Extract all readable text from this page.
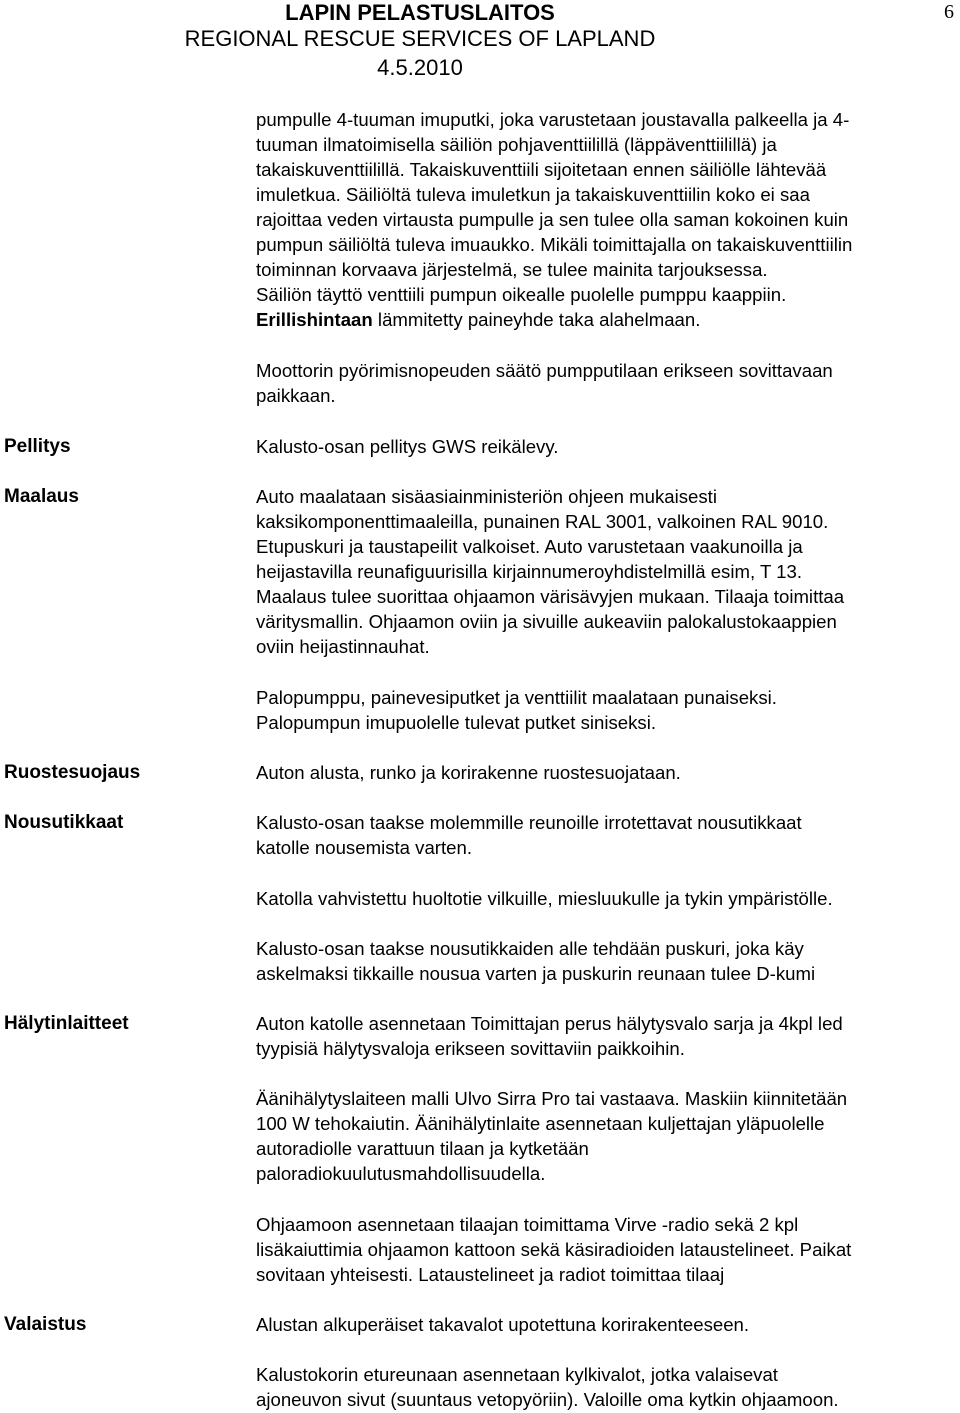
LAPIN PELASTUSLAITOS
REGIONAL RESCUE SERVICES OF LAPLAND
4.5.2010
6
pumpulle 4-tuuman imuputki, joka varustetaan joustavalla palkeella ja 4-
tuuman ilmatoimisella säiliön pohjaventtiilillä (läppäventtiilillä) ja
takaiskuventtiilillä. Takaiskuventtiili sijoitetaan ennen säiliölle lähtevää
imuletkua. Säiliöltä tuleva imuletkun ja takaiskuventtiilin koko ei saa
rajoittaa veden virtausta pumpulle ja sen tulee olla saman kokoinen kuin
pumpun säiliöltä tuleva imuaukko. Mikäli toimittajalla on takaiskuventtiilin
toiminnan korvaava järjestelmä, se tulee mainita tarjouksessa.
Säiliön täyttö venttiili pumpun oikealle puolelle pumppu kaappiin.
Erillishintaan lämmitetty paineyhde taka alahelmaan.
Moottorin pyörimisnopeuden säätö pumpputilaan erikseen sovittavaan
paikkaan.
Pellitys	Kalusto-osan pellitys GWS reikälevy.
Maalaus	Auto maalataan sisäasiainministeriön ohjeen mukaisesti
kaksikomponenttimaaleilla, punainen RAL 3001, valkoinen RAL 9010.
Etupuskuri ja taustapeilit valkoiset. Auto varustetaan vaakunoilla ja
heijastavilla reunafiguurisilla kirjainnumeroyhdistelmillä esim, T 13.
Maalaus tulee suorittaa ohjaamon värisävyjen mukaan. Tilaaja toimittaa
väritysmallin. Ohjaamon oviin ja sivuille aukeaviin palokalustokaappien
oviin heijastinnauhat.
Palopumppu, painevesiputket ja venttiilit maalataan punaiseksi.
Palopumpun imupuolelle tulevat putket siniseksi.
Ruostesuojaus	Auton alusta, runko ja korirakenne ruostesuojataan.
Nousutikkaat	Kalusto-osan taakse molemmille reunoille irrotettavat nousutikkaat
katolle nousemista varten.
Katolla vahvistettu huoltotie vilkuille, miesluukulle ja tykin ympäristölle.
Kalusto-osan taakse nousutikkaiden alle tehdään puskuri, joka käy
askelmaksi tikkaille nousua varten ja puskurin reunaan tulee D-kumi
Hälytinlaitteet	Auton katolle asennetaan Toimittajan perus hälytysvalo sarja ja 4kpl led
tyypisiä hälytysvaloja erikseen sovittaviin paikkoihin.
Äänihälytyslaiteen malli Ulvo Sirra Pro tai vastaava. Maskiin kiinnitetään
100 W tehokaiutin. Äänihälytinlaite asennetaan kuljettajan yläpuolelle
autoradiolle varattuun tilaan ja kytketään
paloradiokuulutusmahdollisuudella.
Ohjaamoon asennetaan tilaajan toimittama Virve -radio sekä 2 kpl
lisäkaiuttimia ohjaamon kattoon sekä käsiradioiden lataustelineet. Paikat
sovitaan yhteisesti. Lataustelineet ja radiot toimittaa tilaaj
Valaistus	Alustan alkuperäiset takavalot upotettuna korirakenteeseen.
Kalustokorin etureunaan asennetaan kylkivalot, jotka valaisevat
ajoneuvon sivut (suuntaus vetopyöriin). Valoille oma kytkin ohjaamoon.
